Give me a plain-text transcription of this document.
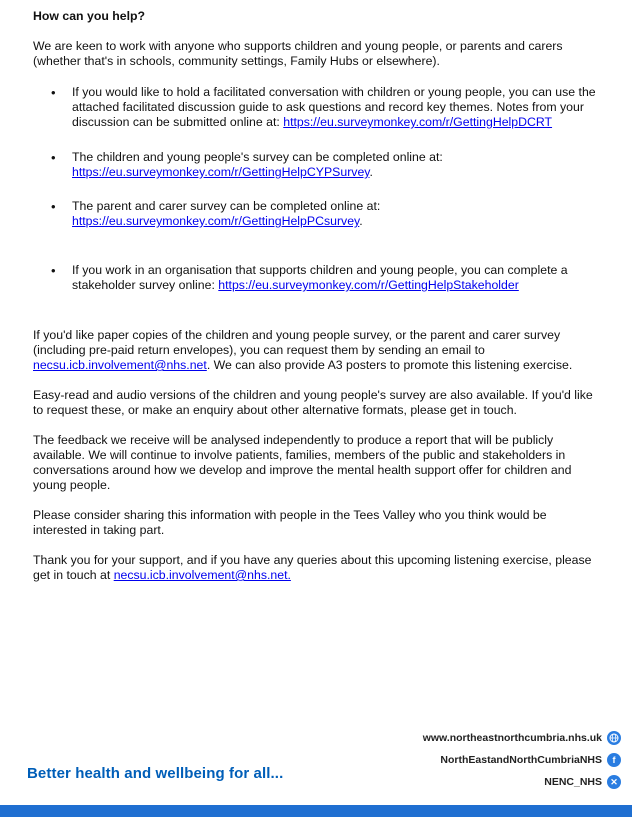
How can you help?

We are keen to work with anyone who supports children and young people, or parents and carers (whether that's in schools, community settings, Family Hubs or elsewhere).

• If you would like to hold a facilitated conversation with children or young people, you can use the attached facilitated discussion guide to ask questions and record key themes. Notes from your discussion can be submitted online at: https://eu.surveymonkey.com/r/GettingHelpDCRT
• The children and young people's survey can be completed online at: https://eu.surveymonkey.com/r/GettingHelpCYPSurvey.
• The parent and carer survey can be completed online at: https://eu.surveymonkey.com/r/GettingHelpPCsurvey.
• If you work in an organisation that supports children and young people, you can complete a stakeholder survey online: https://eu.surveymonkey.com/r/GettingHelpStakeholder

If you'd like paper copies of the children and young people survey, or the parent and carer survey (including pre-paid return envelopes), you can request them by sending an email to necsu.icb.involvement@nhs.net. We can also provide A3 posters to promote this listening exercise.

Easy-read and audio versions of the children and young people's survey are also available. If you'd like to request these, or make an enquiry about other alternative formats, please get in touch.

The feedback we receive will be analysed independently to produce a report that will be publicly available. We will continue to involve patients, families, members of the public and stakeholders in conversations around how we develop and improve the mental health support offer for children and young people.

Please consider sharing this information with people in the Tees Valley who you think would be interested in taking part.

Thank you for your support, and if you have any queries about this upcoming listening exercise, please get in touch at necsu.icb.involvement@nhs.net.

Better health and wellbeing for all...
www.northeastnorthcumbria.nhs.uk
NorthEastandNorthCumbriaNHS	f
NENC_NHS ✕
